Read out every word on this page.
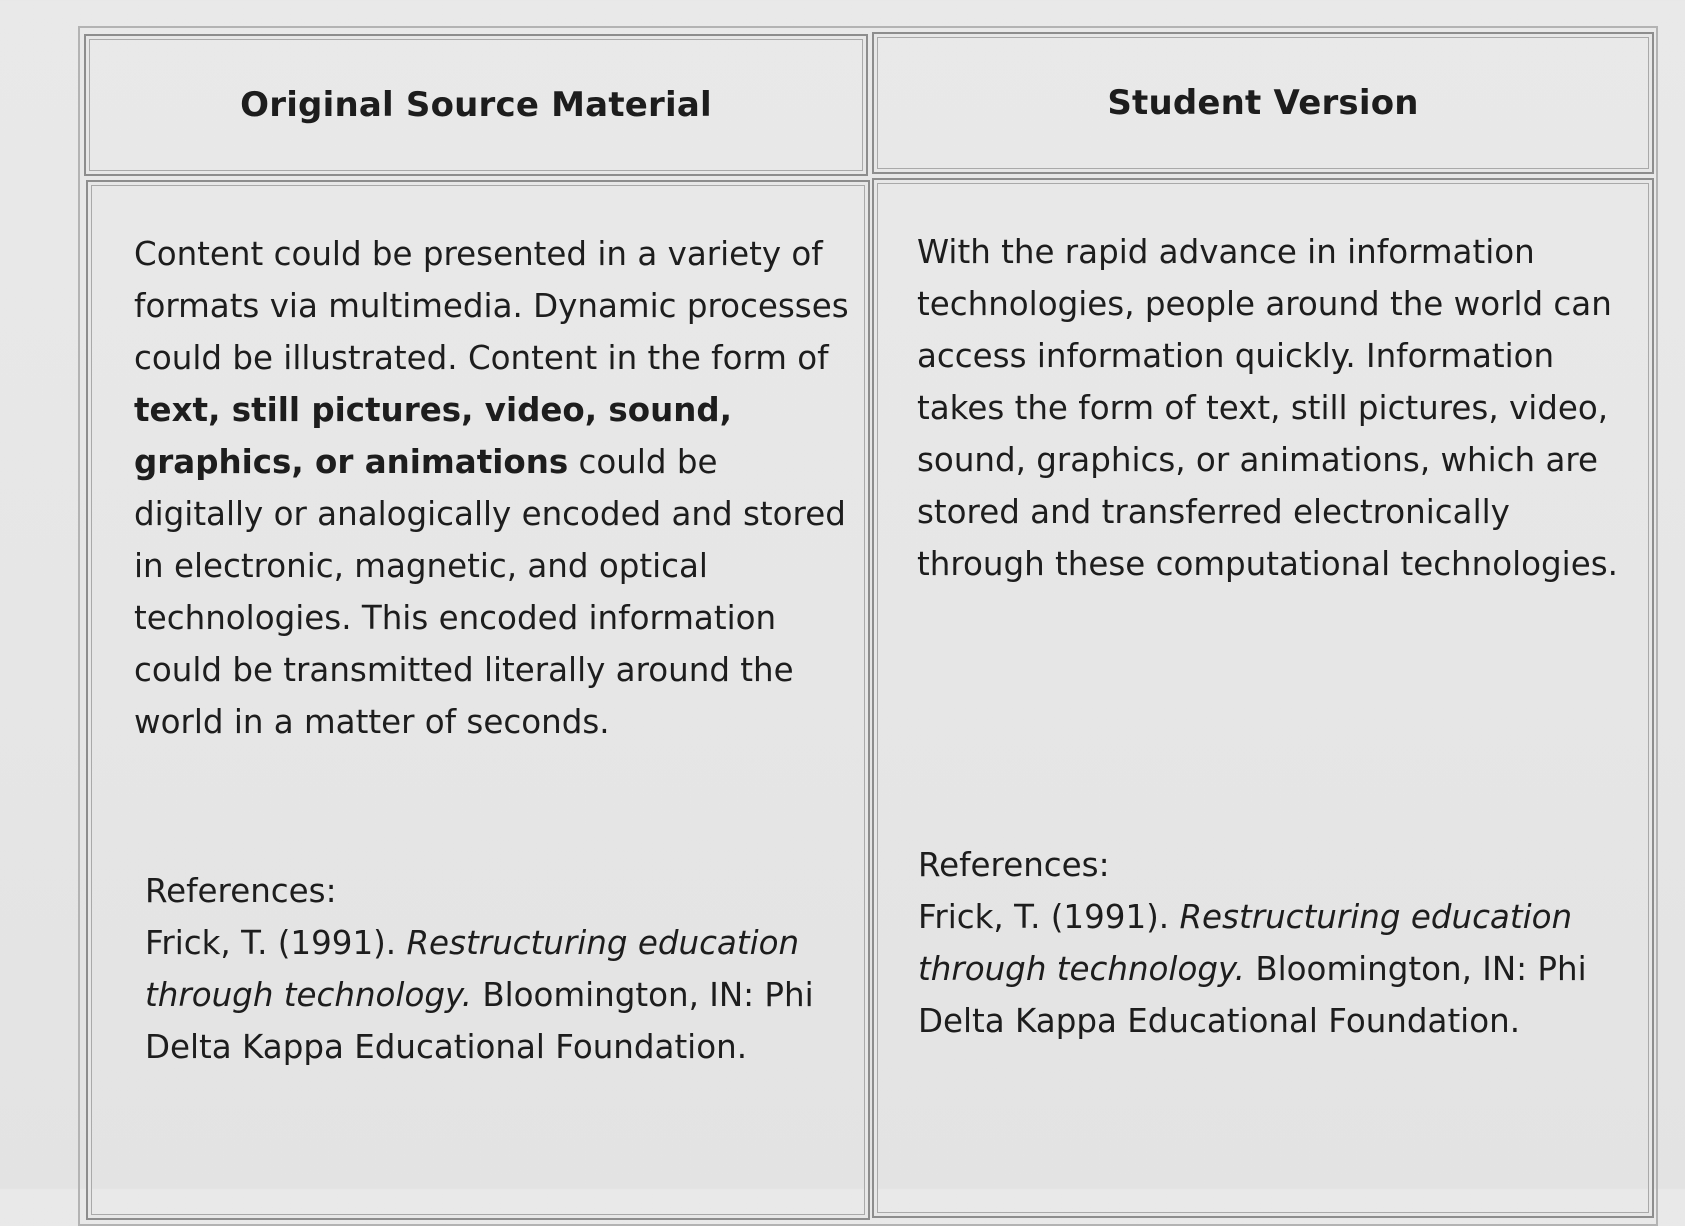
Original Source Material	Student Version

Content could be presented in a variety of formats via multimedia. Dynamic processes could be illustrated. Content in the form of text, still pictures, video, sound, graphics, or animations could be digitally or analogically encoded and stored in electronic, magnetic, and optical technologies. This encoded information could be transmitted literally around the world in a matter of seconds.

With the rapid advance in information technologies, people around the world can access information quickly. Information takes the form of text, still pictures, video, sound, graphics, or animations, which are stored and transferred electronically through these computational technologies.

References:
Frick, T. (1991). Restructuring education through technology. Bloomington, IN: Phi Delta Kappa Educational Foundation.
References:
Frick, T. (1991). Restructuring education through technology. Bloomington, IN: Phi Delta Kappa Educational Foundation.
